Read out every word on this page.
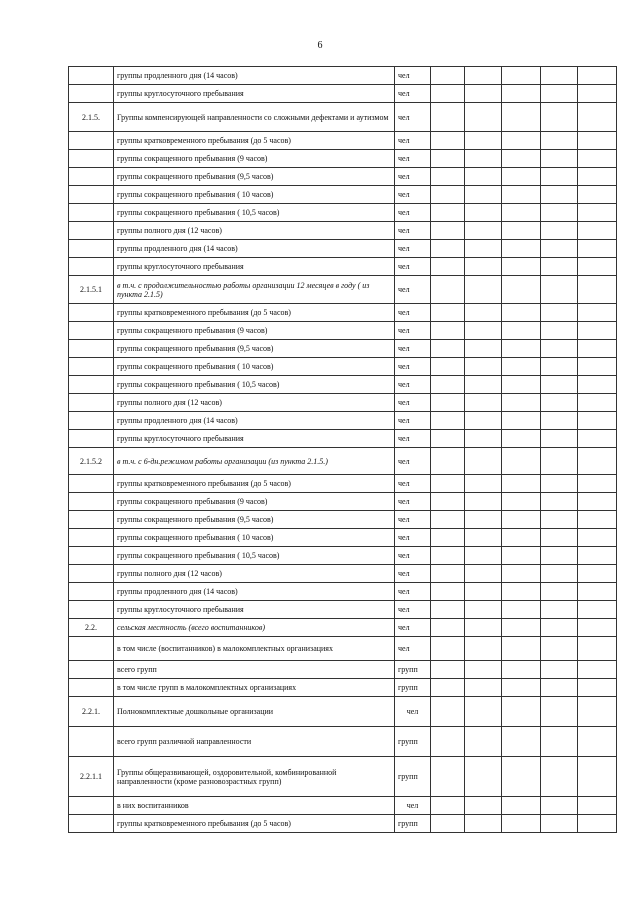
6
	группы продленного дня (14 часов)	чел					
	группы круглосуточного пребывания	чел					
2.1.5.	Группы компенсирующей направленности со сложными дефектами и аутизмом	чел					
	группы кратковременного пребывания (до 5 часов)	чел					
	группы сокращенного пребывания (9 часов)	чел					
	группы сокращенного пребывания (9,5 часов)	чел					
	группы сокращенного пребывания ( 10 часов)	чел					
	группы сокращенного пребывания ( 10,5 часов)	чел					
	группы полного дня (12 часов)	чел					
	группы продленного дня (14 часов)	чел					
	группы круглосуточного пребывания	чел					
2.1.5.1	в т.ч. с продолжительностью работы организации 12 месяцев в году ( из пункта 2.1.5)	чел					
	группы кратковременного пребывания (до 5 часов)	чел					
	группы сокращенного пребывания (9 часов)	чел					
	группы сокращенного пребывания (9,5 часов)	чел					
	группы сокращенного пребывания ( 10 часов)	чел					
	группы сокращенного пребывания ( 10,5 часов)	чел					
	группы полного дня (12 часов)	чел					
	группы продленного дня (14 часов)	чел					
	группы круглосуточного пребывания	чел					
2.1.5.2	в т.ч. с 6-дн.режимом работы организации (из пункта 2.1.5.)	чел					
	группы кратковременного пребывания (до 5 часов)	чел					
	группы сокращенного пребывания (9 часов)	чел					
	группы сокращенного пребывания (9,5 часов)	чел					
	группы сокращенного пребывания ( 10 часов)	чел					
	группы сокращенного пребывания ( 10,5 часов)	чел					
	группы полного дня (12 часов)	чел					
	группы продленного дня (14 часов)	чел					
	группы круглосуточного пребывания	чел					
2.2.	сельская местность (всего воспитанников)	чел					
	в том числе (воспитанников) в малокомплектных организациях	чел					
	всего групп	групп					
	в том числе групп в малокомплектных организациях	групп					
2.2.1.	Полнокомплектные дошкольные организации	чел					
	всего групп различной направленности	групп					
2.2.1.1	Группы общеразвивающей, оздоровительной, комбинированной направленности (кроме разновозрастных групп)	групп					
	в них воспитанников	чел					
	группы кратковременного пребывания (до 5 часов)	групп					
